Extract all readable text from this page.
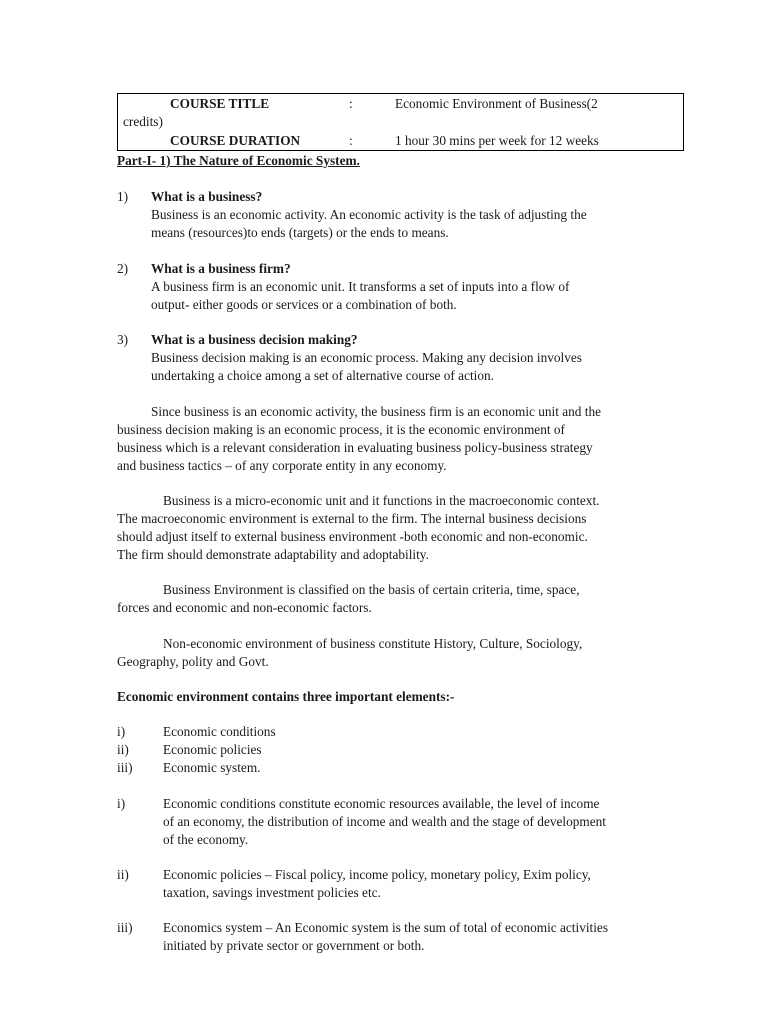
COURSE TITLE	:	Economic Environment of Business(2
credits)
COURSE DURATION	:	1 hour 30 mins per week for 12 weeks
Part-I- 1) The Nature of Economic System.
1) What is a business?
Business is an economic activity. An economic activity is the task of adjusting the
means (resources)to ends (targets) or the ends to means.
2) What is a business firm?
A business firm is an economic unit. It transforms a set of inputs into a flow of
output- either goods or services or a combination of both.
3) What is a business decision making?
Business decision making is an economic process. Making any decision involves
undertaking a choice among a set of alternative course of action.
Since business is an economic activity, the business firm is an economic unit and the
business decision making is an economic process, it is the economic environment of
business which is a relevant consideration in evaluating business policy-business strategy
and business tactics – of any corporate entity in any economy.
Business is a micro-economic unit and it functions in the macroeconomic context.
The macroeconomic environment is external to the firm. The internal business decisions
should adjust itself to external business environment -both economic and non-economic.
The firm should demonstrate adaptability and adoptability.
Business Environment is classified on the basis of certain criteria, time, space,
forces and economic and non-economic factors.
Non-economic environment of business constitute History, Culture, Sociology,
Geography, polity and Govt.
Economic environment contains three important elements:-
i)	Economic conditions
ii)	Economic policies
iii) Economic system.
i)	Economic conditions constitute economic resources available, the level of income
of an economy, the distribution of income and wealth and the stage of development
of the economy.
ii)	Economic policies – Fiscal policy, income policy, monetary policy, Exim policy,
taxation, savings investment policies etc.
iii) Economics system – An Economic system is the sum of total of economic activities
initiated by private sector or government or both.
